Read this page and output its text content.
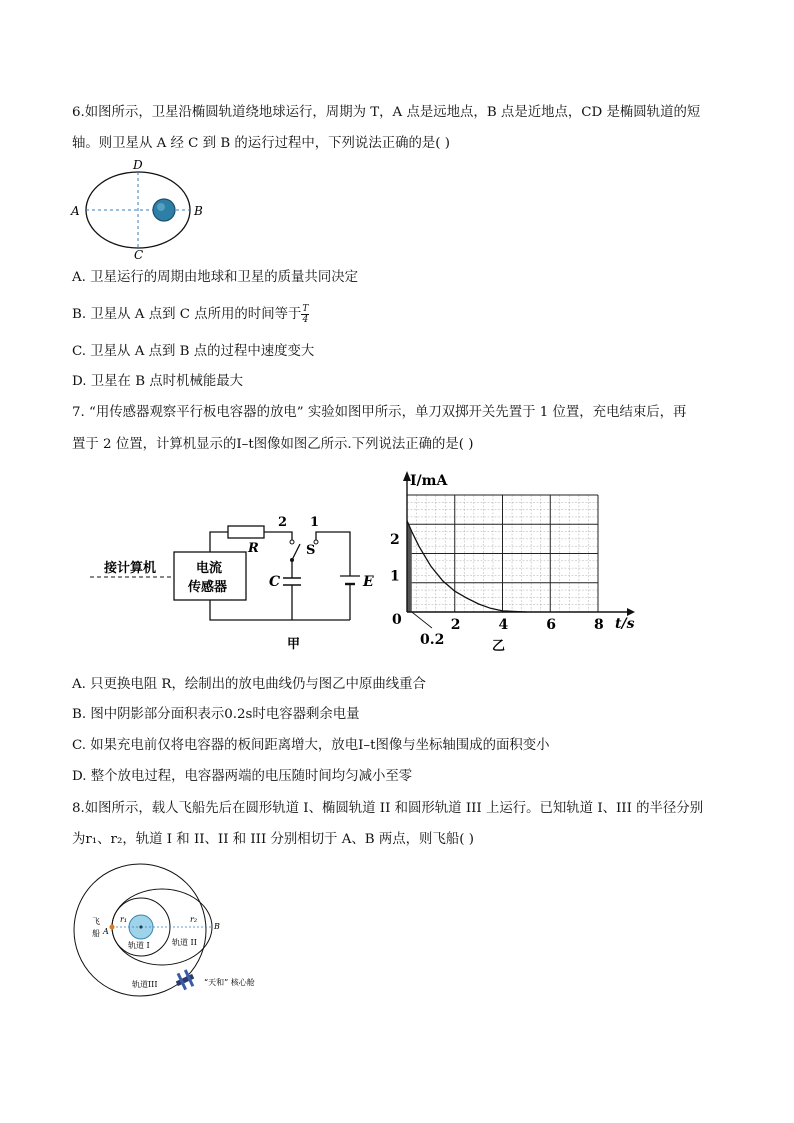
6.如图所示，卫星沿椭圆轨道绕地球运行，周期为 T，A 点是远地点，B 点是近地点，CD 是椭圆轨道的短
轴。则卫星从 A 经 C 到 B 的运行过程中，下列说法正确的是( )
A	B
C
D
A. 卫星运行的周期由地球和卫星的质量共同决定
B. 卫星从 A 点到 C 点所用的时间等于 $\frac{T}{4}$
C. 卫星从 A 点到 B 点的过程中速度变大
D. 卫星在 B 点时机械能最大
7. “用传感器观察平行板电容器的放电” 实验如图甲所示，单刀双掷开关先置于 1 位置，充电结束后，再
置于 2 位置，计算机显示的I–t图像如图乙所示.下列说法正确的是( )
接计算机	电流
传感器
R
2 1
S
C	E
甲
2	4	6	8
1
2
I/mA
t/s
0
0.2	乙
A. 只更换电阻 R，绘制出的放电曲线仍与图乙中原曲线重合
B. 图中阴影部分面积表示0.2s时电容器剩余电量
C. 如果充电前仅将电容器的板间距离增大，放电I–t图像与坐标轴围成的面积变小
D. 整个放电过程，电容器两端的电压随时间均匀减小至零
8.如图所示，载人飞船先后在圆形轨道 I、椭圆轨道 II 和圆形轨道 III 上运行。已知轨道 I、III 的半径分别
为r₁、r₂，轨道 I 和 II、II 和 III 分别相切于 A、B 两点，则飞船( )
飞
船 A
B
r₁	r₂
轨道 I	轨道 II
轨道III	“天和” 核心舱
